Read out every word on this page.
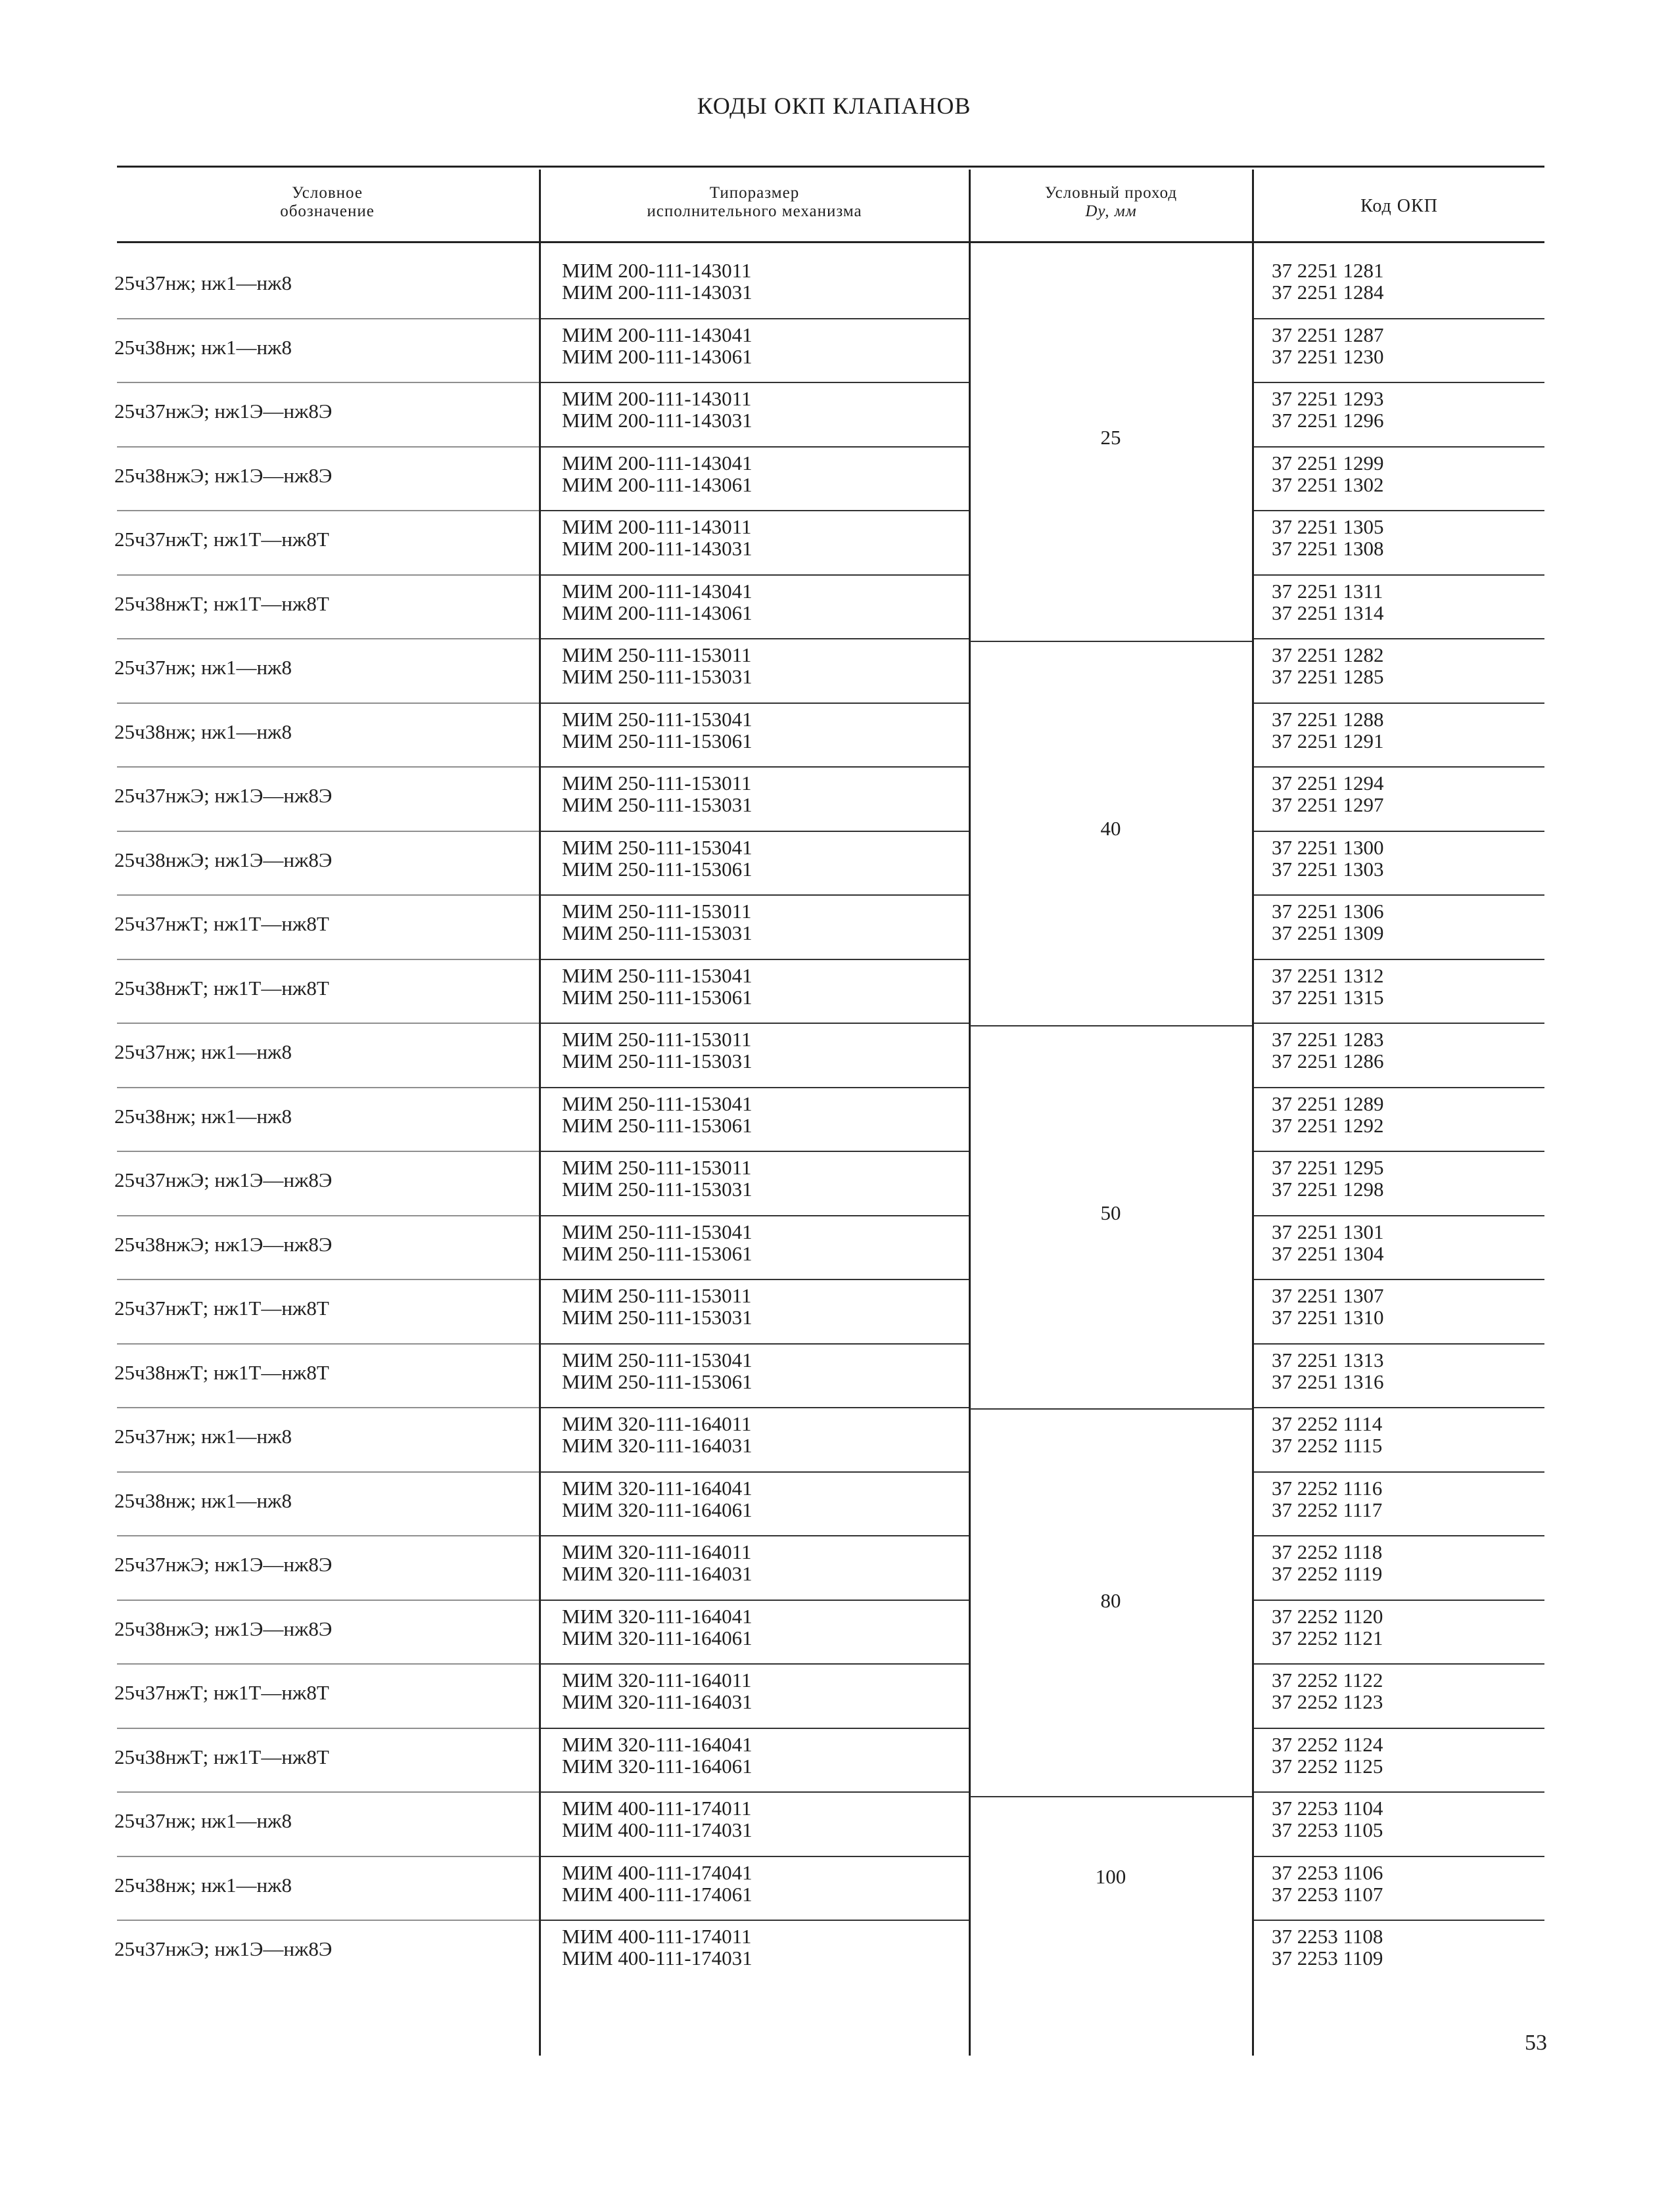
КОДЫ ОКП КЛАПАНОВ
Условное
обозначение
Типоразмер
исполнительного механизма
Условный проход
Dу, мм	Код ОКП
25ч37нж; нж1—нж8
МИМ 200-111-143011
МИМ 200-111-143031
37 2251 1281
37 2251 1284
25ч38нж; нж1—нж8
МИМ 200-111-143041
МИМ 200-111-143061
37 2251 1287
37 2251 1230
25ч37нжЭ; нж1Э—нж8Э
МИМ 200-111-143011
МИМ 200-111-143031
37 2251 1293
37 2251 1296
25ч38нжЭ; нж1Э—нж8Э
МИМ 200-111-143041
МИМ 200-111-143061
37 2251 1299
37 2251 1302
25ч37нжТ; нж1Т—нж8Т
МИМ 200-111-143011
МИМ 200-111-143031
37 2251 1305
37 2251 1308
25ч38нжТ; нж1Т—нж8Т
МИМ 200-111-143041
МИМ 200-111-143061
37 2251 1311
37 2251 1314
25ч37нж; нж1—нж8
МИМ 250-111-153011
МИМ 250-111-153031
37 2251 1282
37 2251 1285
25ч38нж; нж1—нж8
МИМ 250-111-153041
МИМ 250-111-153061
37 2251 1288
37 2251 1291
25ч37нжЭ; нж1Э—нж8Э
МИМ 250-111-153011
МИМ 250-111-153031
37 2251 1294
37 2251 1297
25ч38нжЭ; нж1Э—нж8Э
МИМ 250-111-153041
МИМ 250-111-153061
37 2251 1300
37 2251 1303
25ч37нжТ; нж1Т—нж8Т
МИМ 250-111-153011
МИМ 250-111-153031
37 2251 1306
37 2251 1309
25ч38нжТ; нж1Т—нж8Т
МИМ 250-111-153041
МИМ 250-111-153061
37 2251 1312
37 2251 1315
25ч37нж; нж1—нж8
МИМ 250-111-153011
МИМ 250-111-153031
37 2251 1283
37 2251 1286
25ч38нж; нж1—нж8
МИМ 250-111-153041
МИМ 250-111-153061
37 2251 1289
37 2251 1292
25ч37нжЭ; нж1Э—нж8Э
МИМ 250-111-153011
МИМ 250-111-153031
37 2251 1295
37 2251 1298
25ч38нжЭ; нж1Э—нж8Э
МИМ 250-111-153041
МИМ 250-111-153061
37 2251 1301
37 2251 1304
25ч37нжТ; нж1Т—нж8Т
МИМ 250-111-153011
МИМ 250-111-153031
37 2251 1307
37 2251 1310
25ч38нжТ; нж1Т—нж8Т
МИМ 250-111-153041
МИМ 250-111-153061
37 2251 1313
37 2251 1316
25ч37нж; нж1—нж8
МИМ 320-111-164011
МИМ 320-111-164031
37 2252 1114
37 2252 1115
25ч38нж; нж1—нж8
МИМ 320-111-164041
МИМ 320-111-164061
37 2252 1116
37 2252 1117
25ч37нжЭ; нж1Э—нж8Э
МИМ 320-111-164011
МИМ 320-111-164031
37 2252 1118
37 2252 1119
25ч38нжЭ; нж1Э—нж8Э
МИМ 320-111-164041
МИМ 320-111-164061
37 2252 1120
37 2252 1121
25ч37нжТ; нж1Т—нж8Т
МИМ 320-111-164011
МИМ 320-111-164031
37 2252 1122
37 2252 1123
25ч38нжТ; нж1Т—нж8Т
МИМ 320-111-164041
МИМ 320-111-164061
37 2252 1124
37 2252 1125
25ч37нж; нж1—нж8
МИМ 400-111-174011
МИМ 400-111-174031
37 2253 1104
37 2253 1105
25ч38нж; нж1—нж8
МИМ 400-111-174041
МИМ 400-111-174061
37 2253 1106
37 2253 1107
25ч37нжЭ; нж1Э—нж8Э
МИМ 400-111-174011
МИМ 400-111-174031
37 2253 1108
37 2253 1109
25
40
50
80
100
53
